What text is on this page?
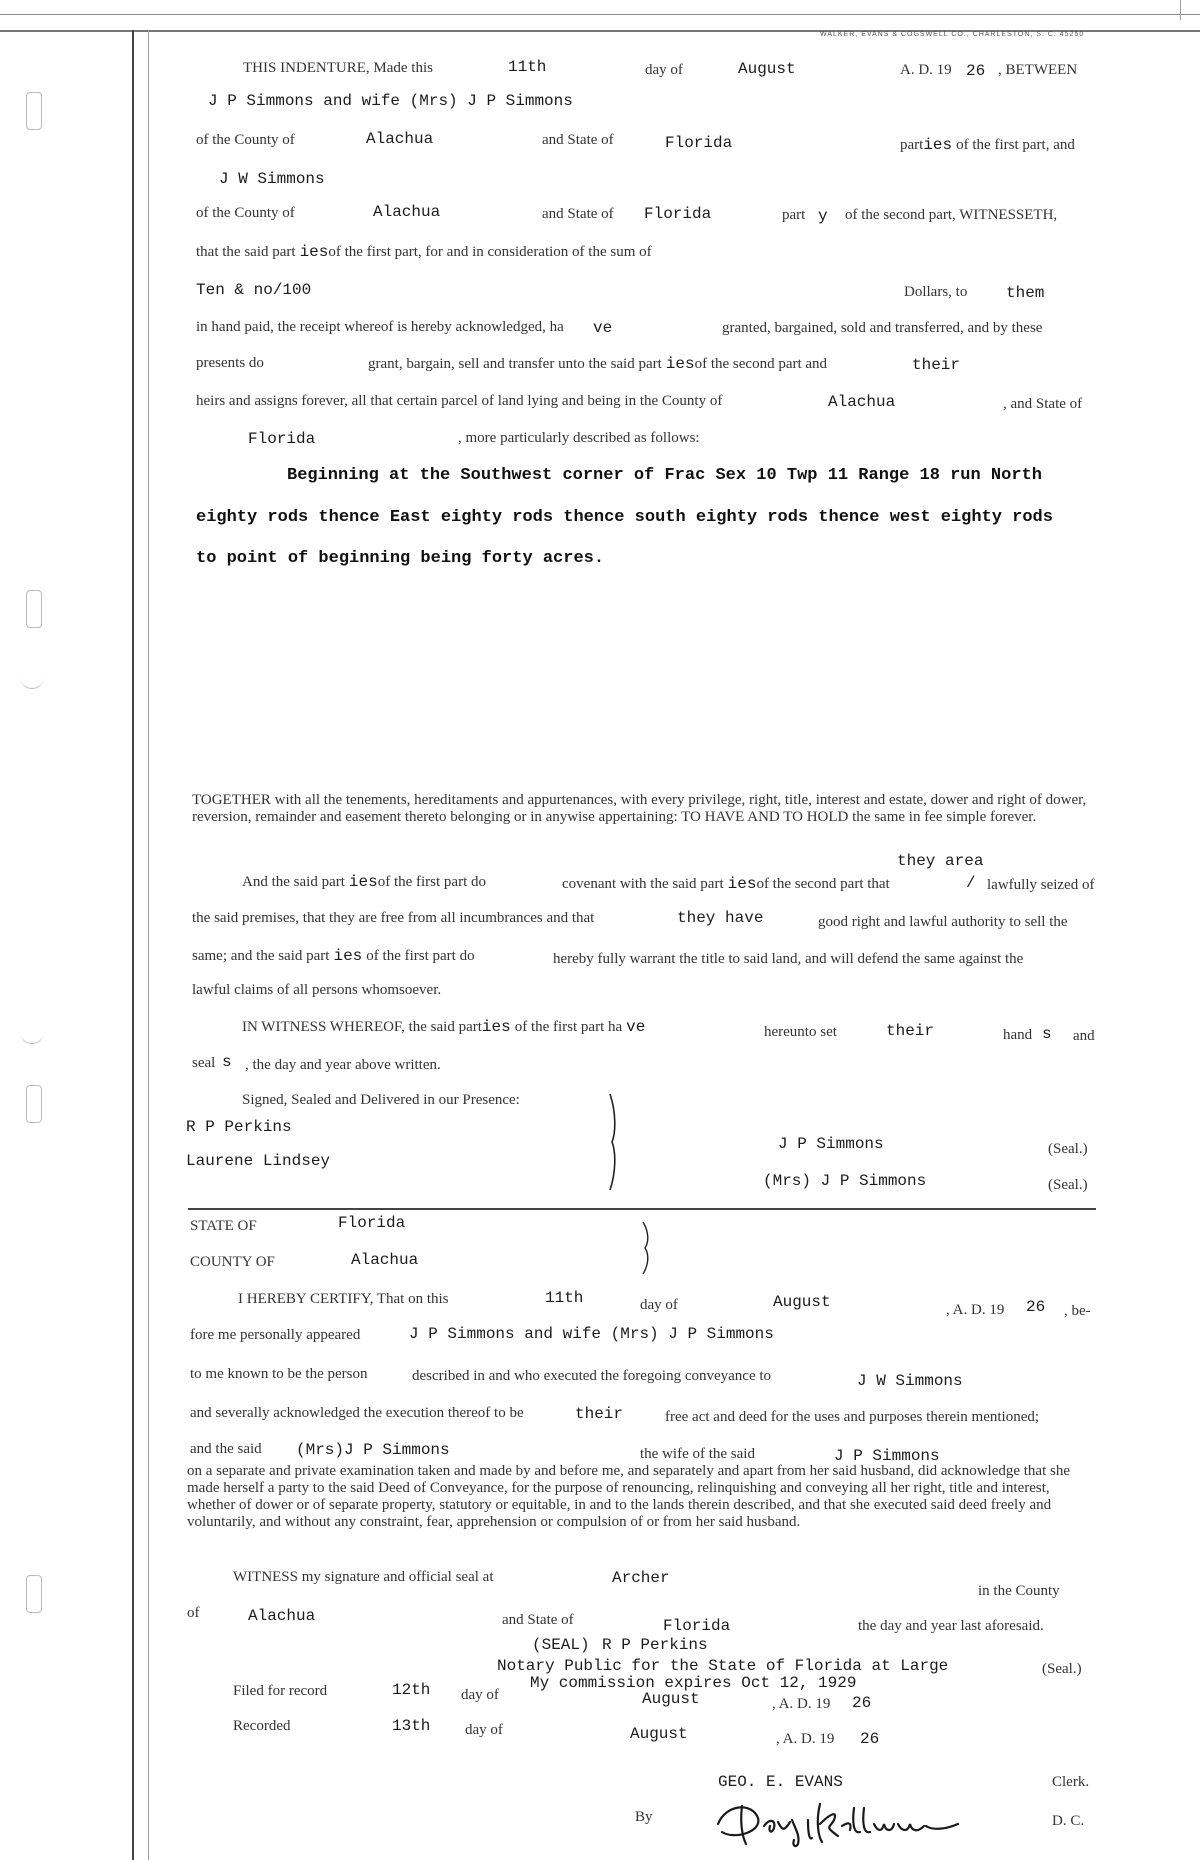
WALKER, EVANS & COGSWELL CO., CHARLESTON, S. C. 45250
THIS INDENTURE, Made this	11th	day of	August	A. D. 19 26 , BETWEEN
J P Simmons and wife (Mrs) J P Simmons
of the County of	Alachua	and State of	Florida	parties of the first part, and
J W Simmons
of the County of	Alachua	and State of Florida	part y of the second part, WITNESSETH,
that the said part iesof the first part, for and in consideration of the sum of
Ten & no/100	Dollars, to them
in hand paid, the receipt whereof is hereby acknowledged, ha ve	granted, bargained, sold and transferred, and by these
presents do	grant, bargain, sell and transfer unto the said part iesof the second part and	their
heirs and assigns forever, all that certain parcel of land lying and being in the County of	Alachua	, and State of
Florida	, more particularly described as follows:
Beginning at the Southwest corner of Frac Sex 10 Twp 11 Range 18 run North
eighty rods thence East eighty rods thence south eighty rods thence west eighty rods
to point of beginning being forty acres.
TOGETHER with all the tenements, hereditaments and appurtenances, with every privilege, right, title, interest and estate, dower and right of dower, reversion, remainder and easement thereto belonging or in anywise appertaining: TO HAVE AND TO HOLD the same in fee simple forever.
they area
And the said part iesof the first part do	covenant with the said part iesof the second part that	/ lawfully seized of
the said premises, that they are free from all incumbrances and that	they have	good right and lawful authority to sell the
same; and the said part ies of the first part do	hereby fully warrant the title to said land, and will defend the same against the
lawful claims of all persons whomsoever.
IN WITNESS WHEREOF, the said parties of the first part ha ve	hereunto set	their	hand s and
seal s , the day and year above written.
Signed, Sealed and Delivered in our Presence:
R P Perkins
Laurene Lindsey
J P Simmons	(Seal.)
(Mrs) J P Simmons	(Seal.)
STATE OF	Florida
COUNTY OF	Alachua
I HEREBY CERTIFY, That on this	11th	day of	August	, A. D. 19 26 , be-
fore me personally appeared	J P Simmons and wife (Mrs) J P Simmons
to me known to be the person	described in and who executed the foregoing conveyance to	J W Simmons
and severally acknowledged the execution thereof to be	their	free act and deed for the uses and purposes therein mentioned;
and the said (Mrs)J P Simmons	the wife of the said	J P Simmons
on a separate and private examination taken and made by and before me, and separately and apart from her said husband, did acknowledge that she made herself a party to the said Deed of Conveyance, for the purpose of renouncing, relinquishing and conveying all her right, title and interest, whether of dower or of separate property, statutory or equitable, in and to the lands therein described, and that she executed said deed freely and voluntarily, and without any constraint, fear, apprehension or compulsion of or from her said husband.
WITNESS my signature and official seal at	Archer
in the County
of	Alachua	and State of	Florida	the day and year last aforesaid.
(SEAL) R P Perkins
Notary Public for the State of Florida at Large	(Seal.)
My commission expires Oct 12, 1929
Filed for record	12th day of	August	, A. D. 19 26
Recorded	13th day of	August	, A. D. 19 26
GEO. E. EVANS	Clerk.
By	D. C.
